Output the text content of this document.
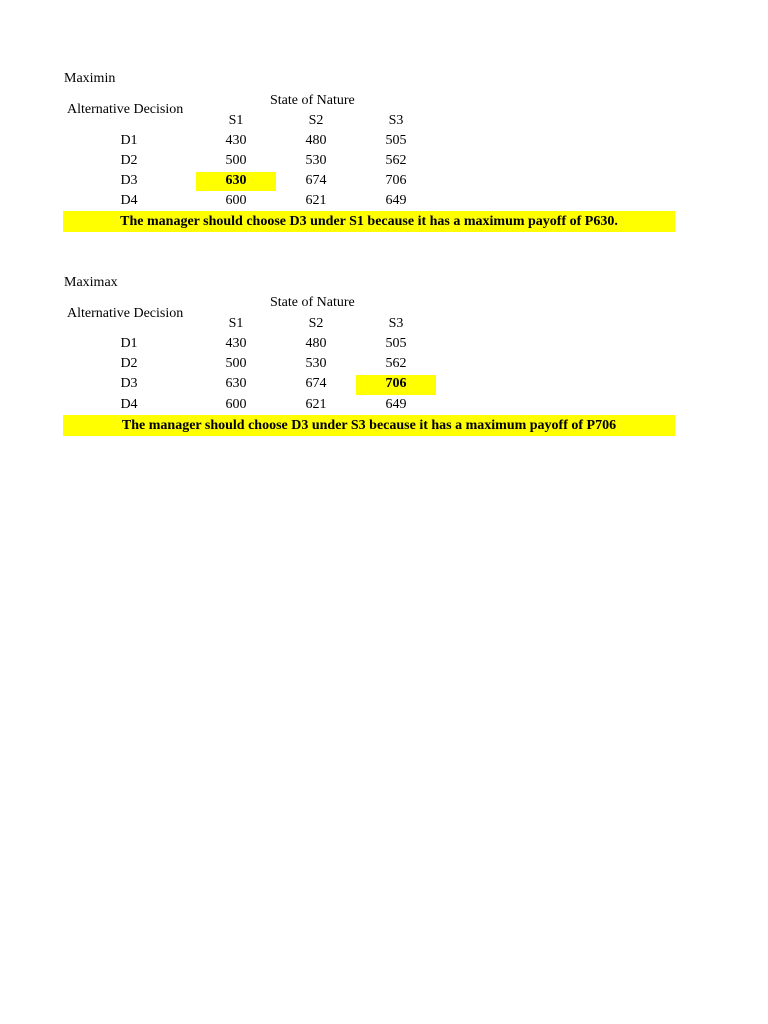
Maximin
Alternative Decision
State of Nature
S1	S2	S3
D1	430	480	505
D2	500	530	562
D3	630	674	706
D4	600	621	649
The manager should choose D3 under S1 because it has a maximum payoff of P630.
Maximax
Alternative Decision
State of Nature
S1	S2	S3
D1	430	480	505
D2	500	530	562
D3	630	674	706
D4	600	621	649
The manager should choose D3 under S3 because it has a maximum payoff of P706
